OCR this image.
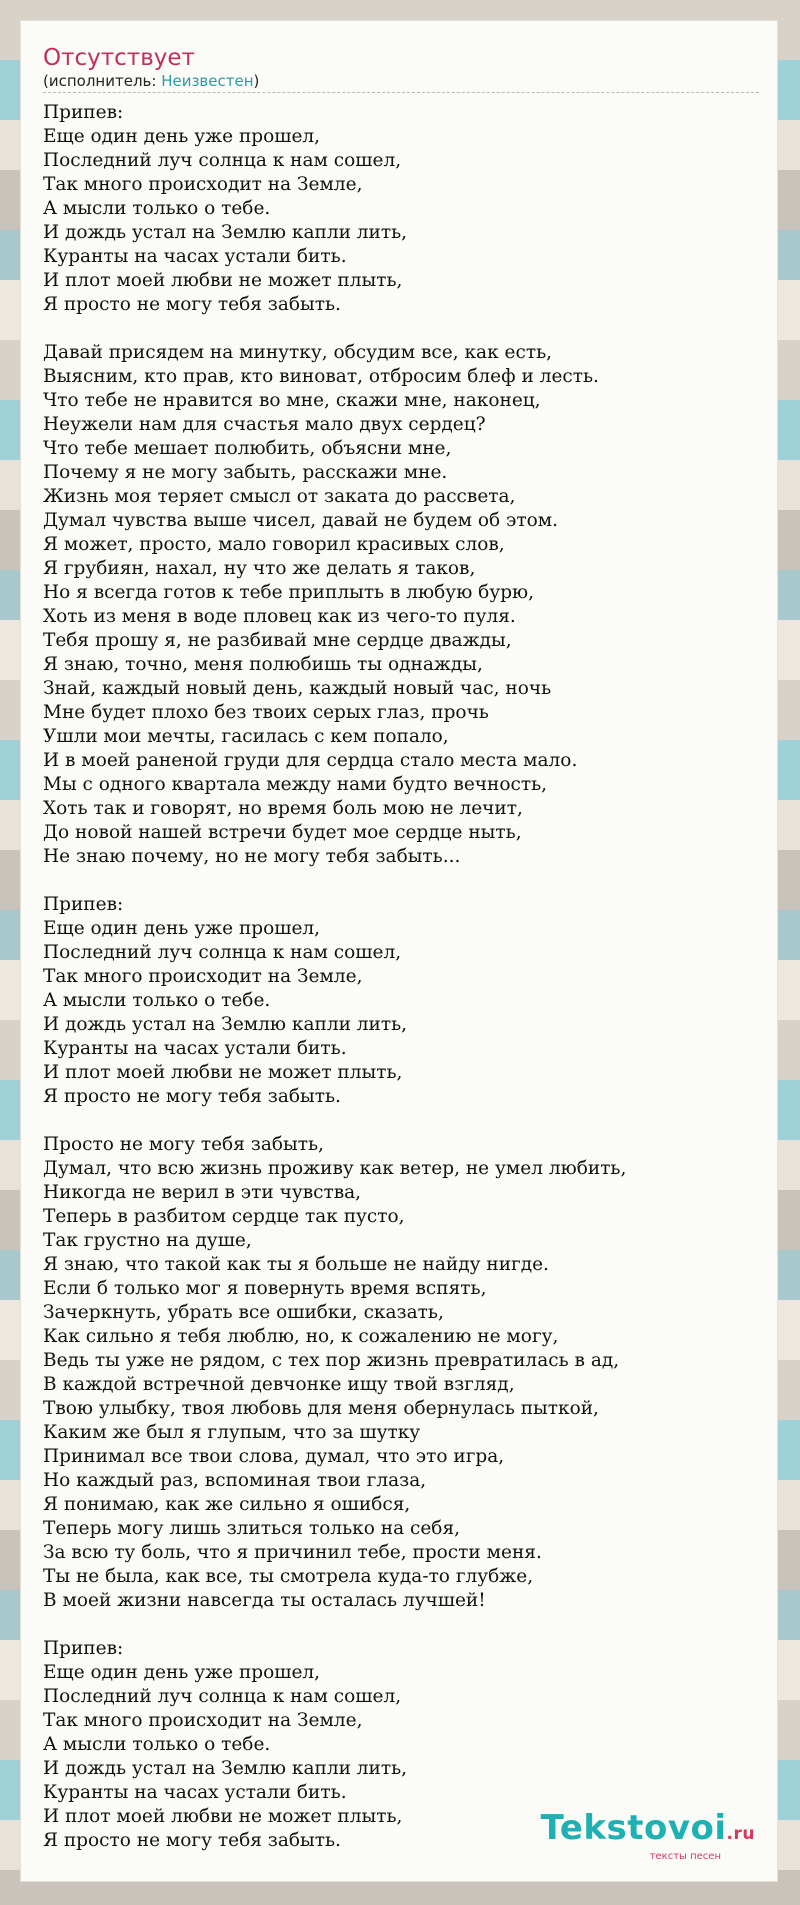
Отсутствует
(исполнитель: Неизвестен)
Припев:
Еще один день уже прошел,
Последний луч солнца к нам сошел,
Так много происходит на Земле,
А мысли только о тебе.
И дождь устал на Землю капли лить,
Куранты на часах устали бить.
И плот моей любви не может плыть,
Я просто не могу тебя забыть.
Давай присядем на минутку, обсудим все, как есть,
Выясним, кто прав, кто виноват, отбросим блеф и лесть.
Что тебе не нравится во мне, скажи мне, наконец,
Неужели нам для счастья мало двух сердец?
Что тебе мешает полюбить, объясни мне,
Почему я не могу забыть, расскажи мне.
Жизнь моя теряет смысл от заката до рассвета,
Думал чувства выше чисел, давай не будем об этом.
Я может, просто, мало говорил красивых слов,
Я грубиян, нахал, ну что же делать я таков,
Но я всегда готов к тебе приплыть в любую бурю,
Хоть из меня в воде пловец как из чего-то пуля.
Тебя прошу я, не разбивай мне сердце дважды,
Я знаю, точно, меня полюбишь ты однажды,
Знай, каждый новый день, каждый новый час, ночь
Мне будет плохо без твоих серых глаз, прочь
Ушли мои мечты, гасилась с кем попало,
И в моей раненой груди для сердца стало места мало.
Мы с одного квартала между нами будто вечность,
Хоть так и говорят, но время боль мою не лечит,
До новой нашей встречи будет мое сердце ныть,
Не знаю почему, но не могу тебя забыть...
Припев:
Еще один день уже прошел,
Последний луч солнца к нам сошел,
Так много происходит на Земле,
А мысли только о тебе.
И дождь устал на Землю капли лить,
Куранты на часах устали бить.
И плот моей любви не может плыть,
Я просто не могу тебя забыть.
Просто не могу тебя забыть,
Думал, что всю жизнь проживу как ветер, не умел любить,
Никогда не верил в эти чувства,
Теперь в разбитом сердце так пусто,
Так грустно на душе,
Я знаю, что такой как ты я больше не найду нигде.
Если б только мог я повернуть время вспять,
Зачеркнуть, убрать все ошибки, сказать,
Как сильно я тебя люблю, но, к сожалению не могу,
Ведь ты уже не рядом, с тех пор жизнь превратилась в ад,
В каждой встречной девчонке ищу твой взгляд,
Твою улыбку, твоя любовь для меня обернулась пыткой,
Каким же был я глупым, что за шутку
Принимал все твои слова, думал, что это игра,
Но каждый раз, вспоминая твои глаза,
Я понимаю, как же сильно я ошибся,
Теперь могу лишь злиться только на себя,
За всю ту боль, что я причинил тебе, прости меня.
Ты не была, как все, ты смотрела куда-то глубже,
В моей жизни навсегда ты осталась лучшей!
Припев:
Еще один день уже прошел,
Последний луч солнца к нам сошел,
Так много происходит на Земле,
А мысли только о тебе.
И дождь устал на Землю капли лить,
Куранты на часах устали бить.
И плот моей любви не может плыть,
Я просто не могу тебя забыть.	Tekstovoi.ru
тексты песен
